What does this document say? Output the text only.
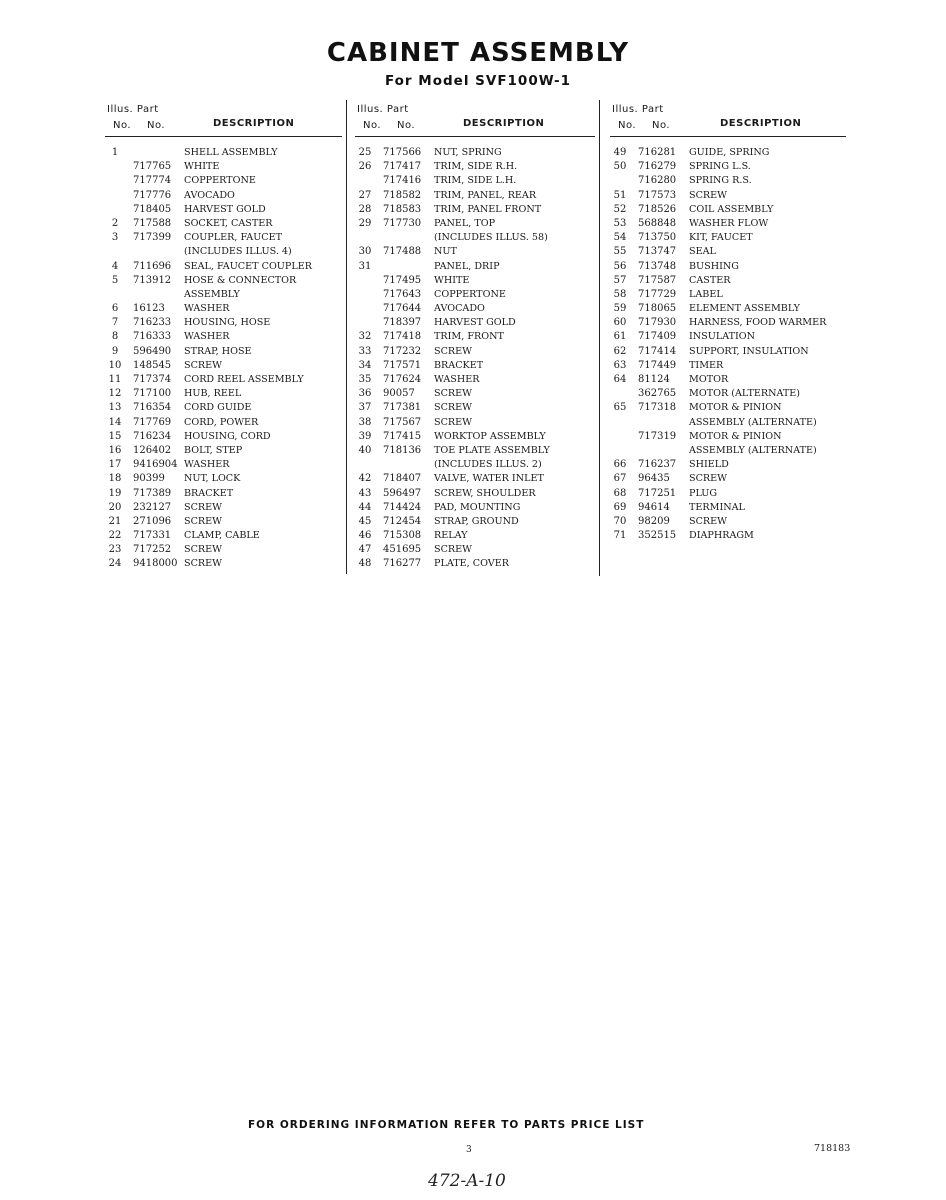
CABINET ASSEMBLY
For Model SVF100W-1
Illus. Part
No. No.	DESCRIPTION
1	SHELL ASSEMBLY
717765 WHITE
717774 COPPERTONE
717776 AVOCADO
718405 HARVEST GOLD
2	717588 SOCKET, CASTER
3	717399 COUPLER, FAUCET
(INCLUDES ILLUS. 4)
4	711696 SEAL, FAUCET COUPLER
5	713912 HOSE & CONNECTOR
ASSEMBLY
6	16123 WASHER
7	716233 HOUSING, HOSE
8	716333 WASHER
9	596490 STRAP, HOSE
10	148545 SCREW
11	717374 CORD REEL ASSEMBLY
12	717100 HUB, REEL
13	716354 CORD GUIDE
14	717769 CORD, POWER
15	716234 HOUSING, CORD
16	126402 BOLT, STEP
17	9416904 WASHER
18	90399 NUT, LOCK
19	717389 BRACKET
20	232127 SCREW
21	271096 SCREW
22	717331 CLAMP, CABLE
23	717252 SCREW
24	9418000 SCREW
Illus. Part
No. No.	DESCRIPTION
25	717566 NUT, SPRING
26	717417 TRIM, SIDE R.H.
717416 TRIM, SIDE L.H.
27	718582 TRIM, PANEL, REAR
28	718583 TRIM, PANEL FRONT
29	717730 PANEL, TOP
(INCLUDES ILLUS. 58)
30	717488 NUT
31	PANEL, DRIP
717495 WHITE
717643 COPPERTONE
717644 AVOCADO
718397 HARVEST GOLD
32	717418 TRIM, FRONT
33	717232 SCREW
34	717571 BRACKET
35	717624 WASHER
36	90057 SCREW
37	717381 SCREW
38	717567 SCREW
39	717415 WORKTOP ASSEMBLY
40	718136 TOE PLATE ASSEMBLY
(INCLUDES ILLUS. 2)
42	718407 VALVE, WATER INLET
43	596497 SCREW, SHOULDER
44	714424 PAD, MOUNTING
45	712454 STRAP, GROUND
46	715308 RELAY
47	451695 SCREW
48	716277 PLATE, COVER
Illus. Part
No. No.	DESCRIPTION
49	716281 GUIDE, SPRING
50	716279 SPRING L.S.
716280 SPRING R.S.
51	717573 SCREW
52	718526 COIL ASSEMBLY
53	568848 WASHER FLOW
54	713750 KIT, FAUCET
55	713747 SEAL
56	713748 BUSHING
57	717587 CASTER
58	717729 LABEL
59	718065 ELEMENT ASSEMBLY
60	717930 HARNESS, FOOD WARMER
61	717409 INSULATION
62	717414 SUPPORT, INSULATION
63	717449 TIMER
64	81124 MOTOR
362765 MOTOR (ALTERNATE)
65	717318 MOTOR & PINION
ASSEMBLY (ALTERNATE)
717319 MOTOR & PINION
ASSEMBLY (ALTERNATE)
66	716237 SHIELD
67	96435 SCREW
68	717251 PLUG
69	94614 TERMINAL
70	98209 SCREW
71	352515 DIAPHRAGM
FOR ORDERING INFORMATION REFER TO PARTS PRICE LIST
3	718183
472-A-10
